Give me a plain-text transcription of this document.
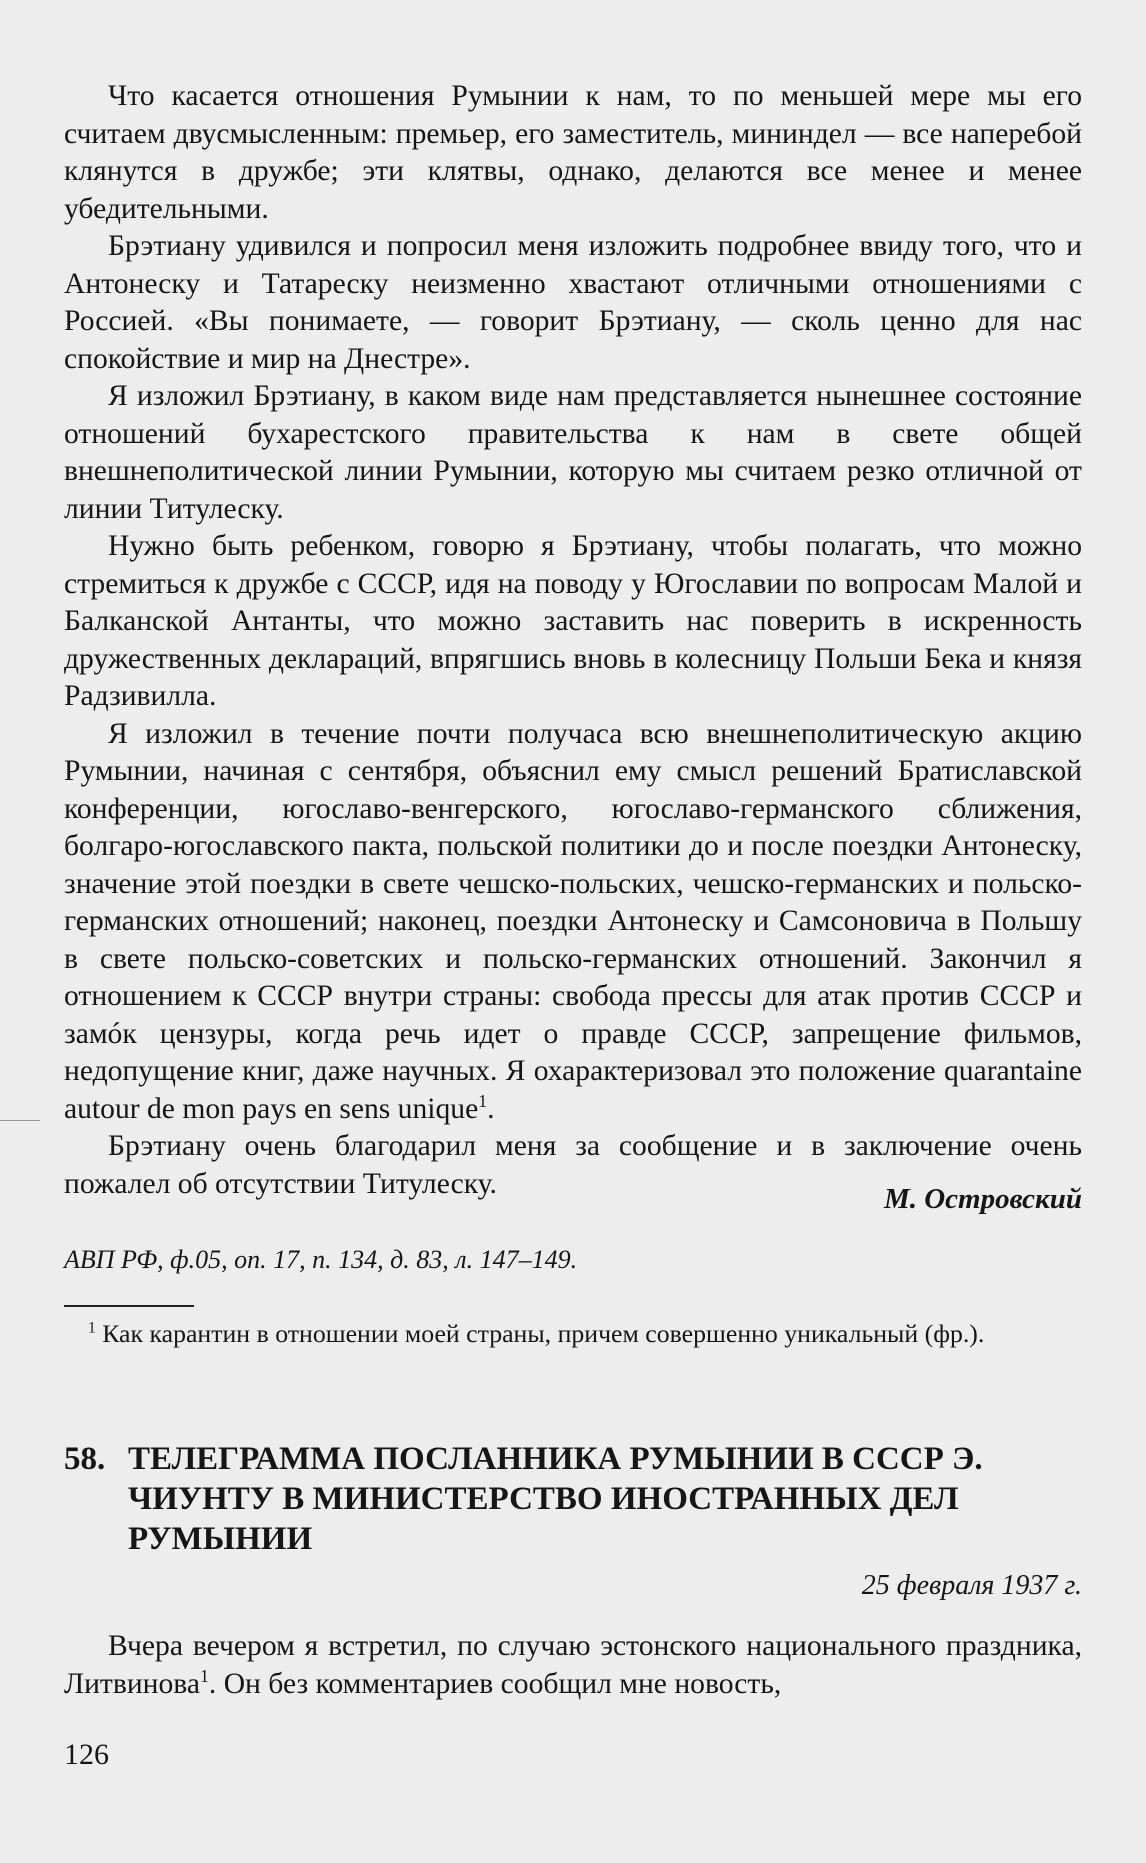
Что касается отношения Румынии к нам, то по меньшей мере мы его считаем двусмысленным: премьер, его заместитель, мининдел — все наперебой клянутся в дружбе; эти клятвы, однако, делаются все менее и менее убедительными.

Брэтиану удивился и попросил меня изложить подробнее ввиду того, что и Антонеску и Татареску неизменно хвастают отличными отношениями с Россией. «Вы понимаете, — говорит Брэтиану, — сколь ценно для нас спокойствие и мир на Днестре».

Я изложил Брэтиану, в каком виде нам представляется нынешнее состояние отношений бухарестского правительства к нам в свете общей внешнеполитической линии Румынии, которую мы считаем резко отличной от линии Титулеску.

Нужно быть ребенком, говорю я Брэтиану, чтобы полагать, что можно стремиться к дружбе с СССР, идя на поводу у Югославии по вопросам Малой и Балканской Антанты, что можно заставить нас поверить в искренность дружественных деклараций, впрягшись вновь в колесницу Польши Бека и князя Радзивилла.

Я изложил в течение почти получаса всю внешнеполитическую акцию Румынии, начиная с сентября, объяснил ему смысл решений Братиславской конференции, югославо-венгерского, югославо-германского сближения, болгаро-югославского пакта, польской политики до и после поездки Антонеску, значение этой поездки в свете чешско-польских, чешско-германских и польско-германских отношений; наконец, поездки Антонеску и Самсоновича в Польшу в свете польско-советских и польско-германских отношений. Закончил я отношением к СССР внутри страны: свобода прессы для атак против СССР и замóк цензуры, когда речь идет о правде СССР, запрещение фильмов, недопущение книг, даже научных. Я охарактеризовал это положение quarantaine autour de mon pays en sens unique$^1$.

Брэтиану очень благодарил меня за сообщение и в заключение очень пожалел об отсутствии Титулеску.	М. Островский
АВП РФ, ф.05, оп. 17, п. 134, д. 83, л. 147–149.

$^1$ Как карантин в отношении моей страны, причем совершенно уникальный (фр.).

58. ТЕЛЕГРАММА ПОСЛАННИКА РУМЫНИИ В СССР Э. ЧИУНТУ В МИНИСТЕРСТВО ИНОСТРАННЫХ ДЕЛ РУМЫНИИ
25 февраля 1937 г.

Вчера вечером я встретил, по случаю эстонского национального праздника, Литвинова$^1$. Он без комментариев сообщил мне новость,

126
